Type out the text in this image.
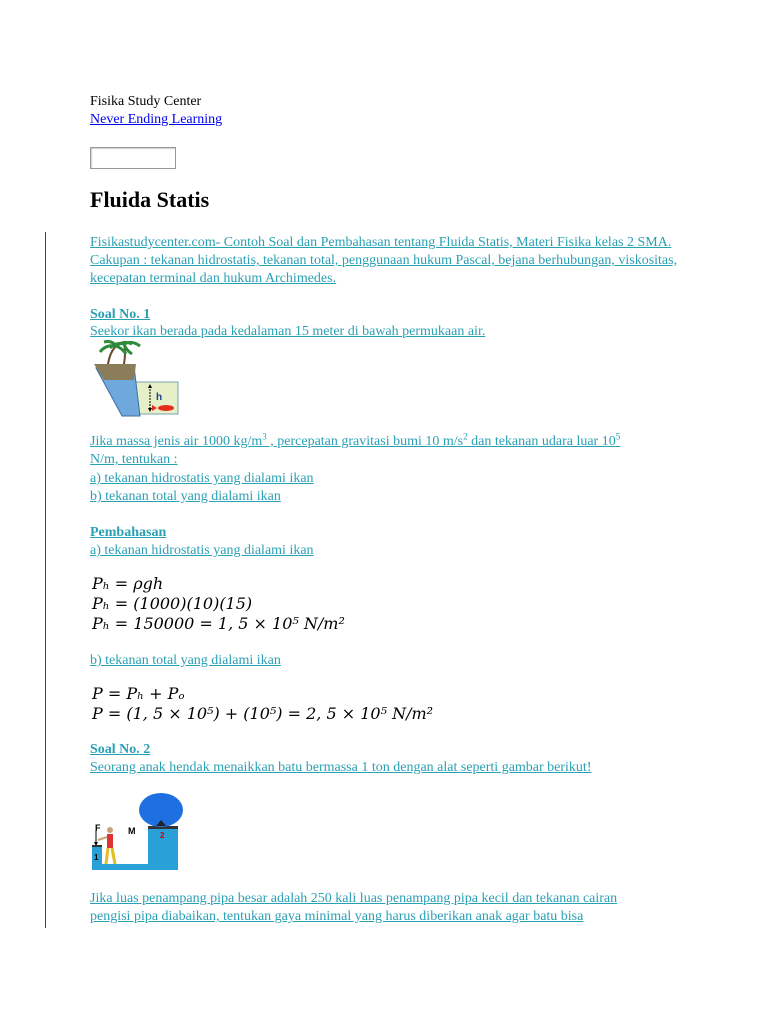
Fisika Study Center
Never Ending Learning
Fluida Statis
Fisikastudycenter.com- Contoh Soal dan Pembahasan tentang Fluida Statis, Materi Fisika kelas 2 SMA. Cakupan : tekanan hidrostatis, tekanan total, penggunaan hukum Pascal, bejana berhubungan, viskositas, kecepatan terminal dan hukum Archimedes.
Soal No. 1
Seekor ikan berada pada kedalaman 15 meter di bawah permukaan air.
h
Jika massa jenis air 1000 $kg/m^3$ , percepatan gravitasi bumi 10 $m/s^2$ dan tekanan udara luar $10^5$
N/m, tentukan :
a) tekanan hidrostatis yang dialami ikan
b) tekanan total yang dialami ikan
Pembahasan
a) tekanan hidrostatis yang dialami ikan
Pₕ = ρgh
Pₕ = (1000)(10)(15)
Pₕ = 150000 = 1, 5 × 10⁵ N/m²
b) tekanan total yang dialami ikan
P = Pₕ + Pₒ
P = (1, 5 × 10⁵) + (10⁵) = 2, 5 × 10⁵ N/m²
Soal No. 2
Seorang anak hendak menaikkan batu bermassa 1 ton dengan alat seperti gambar berikut!
F	M
1
2
Jika luas penampang pipa besar adalah 250 kali luas penampang pipa kecil dan tekanan cairan
pengisi pipa diabaikan, tentukan gaya minimal yang harus diberikan anak agar batu bisa
